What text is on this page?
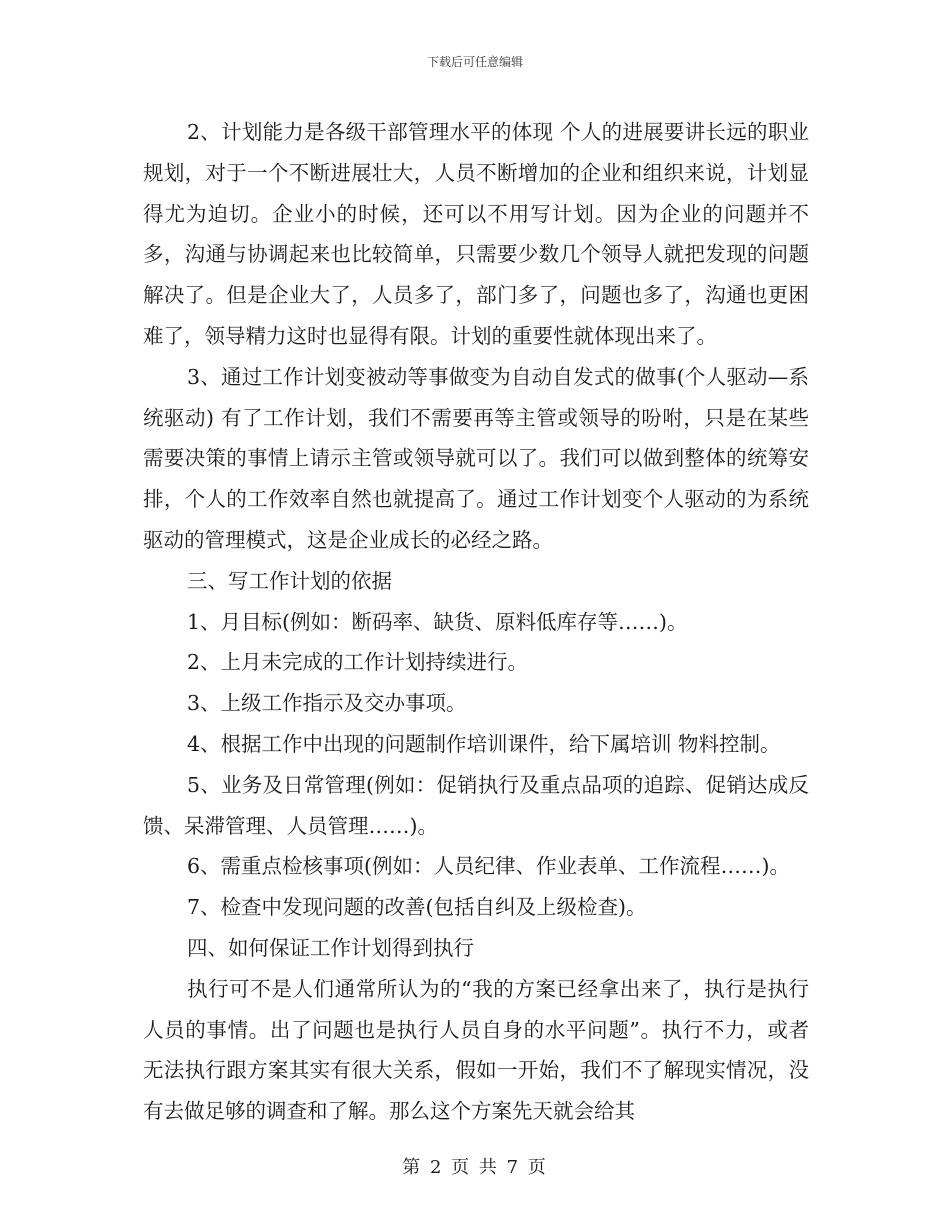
下载后可任意编辑

2、计划能力是各级干部管理水平的体现 个人的进展要讲长远的职业规划，对于一个不断进展壮大，人员不断增加的企业和组织来说，计划显得尤为迫切。企业小的时候，还可以不用写计划。因为企业的问题并不多，沟通与协调起来也比较简单，只需要少数几个领导人就把发现的问题解决了。但是企业大了，人员多了，部门多了，问题也多了，沟通也更困难了，领导精力这时也显得有限。计划的重要性就体现出来了。

3、通过工作计划变被动等事做变为自动自发式的做事(个人驱动—系统驱动) 有了工作计划，我们不需要再等主管或领导的吩咐，只是在某些需要决策的事情上请示主管或领导就可以了。我们可以做到整体的统筹安排，个人的工作效率自然也就提高了。通过工作计划变个人驱动的为系统驱动的管理模式，这是企业成长的必经之路。

三、写工作计划的依据

1、月目标(例如：断码率、缺货、原料低库存等……)。

2、上月未完成的工作计划持续进行。

3、上级工作指示及交办事项。

4、根据工作中出现的问题制作培训课件，给下属培训 物料控制。

5、业务及日常管理(例如：促销执行及重点品项的追踪、促销达成反馈、呆滞管理、人员管理……)。

6、需重点检核事项(例如：人员纪律、作业表单、工作流程……)。

7、检查中发现问题的改善(包括自纠及上级检查)。

四、如何保证工作计划得到执行

执行可不是人们通常所认为的“我的方案已经拿出来了，执行是执行人员的事情。出了问题也是执行人员自身的水平问题”。执行不力，或者无法执行跟方案其实有很大关系，假如一开始，我们不了解现实情况，没有去做足够的调查和了解。那么这个方案先天就会给其

第 2 页 共 7 页
